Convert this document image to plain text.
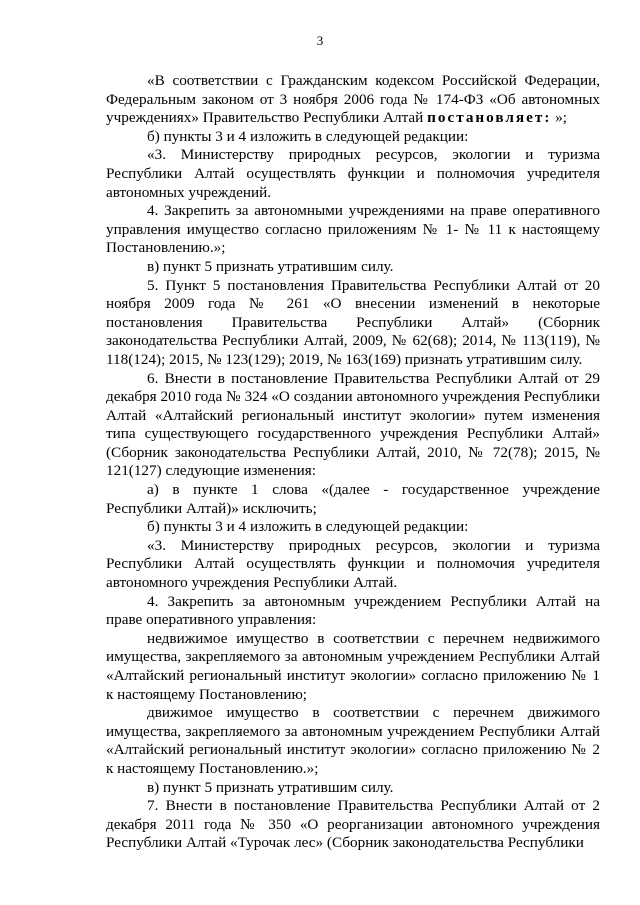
3
«В соответствии с Гражданским кодексом Российской Федерации, Федеральным законом от 3 ноября 2006 года № 174-ФЗ «Об автономных учреждениях» Правительство Республики Алтай постановляет: »;
б) пункты 3 и 4 изложить в следующей редакции:
«3. Министерству природных ресурсов, экологии и туризма Республики Алтай осуществлять функции и полномочия учредителя автономных учреждений.
4. Закрепить за автономными учреждениями на праве оперативного управления имущество согласно приложениям № 1- № 11 к настоящему Постановлению.»;
в) пункт 5 признать утратившим силу.
5. Пункт 5 постановления Правительства Республики Алтай от 20 ноября 2009 года № 261 «О внесении изменений в некоторые постановления Правительства Республики Алтай» (Сборник законодательства Республики Алтай, 2009, № 62(68); 2014, № 113(119), № 118(124); 2015, № 123(129); 2019, № 163(169) признать утратившим силу.
6. Внести в постановление Правительства Республики Алтай от 29 декабря 2010 года № 324 «О создании автономного учреждения Республики Алтай «Алтайский региональный институт экологии» путем изменения типа существующего государственного учреждения Республики Алтай» (Сборник законодательства Республики Алтай, 2010, № 72(78); 2015, № 121(127) следующие изменения:
а) в пункте 1 слова «(далее - государственное учреждение Республики Алтай)» исключить;
б) пункты 3 и 4 изложить в следующей редакции:
«3. Министерству природных ресурсов, экологии и туризма Республики Алтай осуществлять функции и полномочия учредителя автономного учреждения Республики Алтай.
4. Закрепить за автономным учреждением Республики Алтай на праве оперативного управления:
недвижимое имущество в соответствии с перечнем недвижимого имущества, закрепляемого за автономным учреждением Республики Алтай «Алтайский региональный институт экологии» согласно приложению № 1 к настоящему Постановлению;
движимое имущество в соответствии с перечнем движимого имущества, закрепляемого за автономным учреждением Республики Алтай «Алтайский региональный институт экологии» согласно приложению № 2 к настоящему Постановлению.»;
в) пункт 5 признать утратившим силу.
7. Внести в постановление Правительства Республики Алтай от 2 декабря 2011 года № 350 «О реорганизации автономного учреждения Республики Алтай «Турочак лес» (Сборник законодательства Республики
